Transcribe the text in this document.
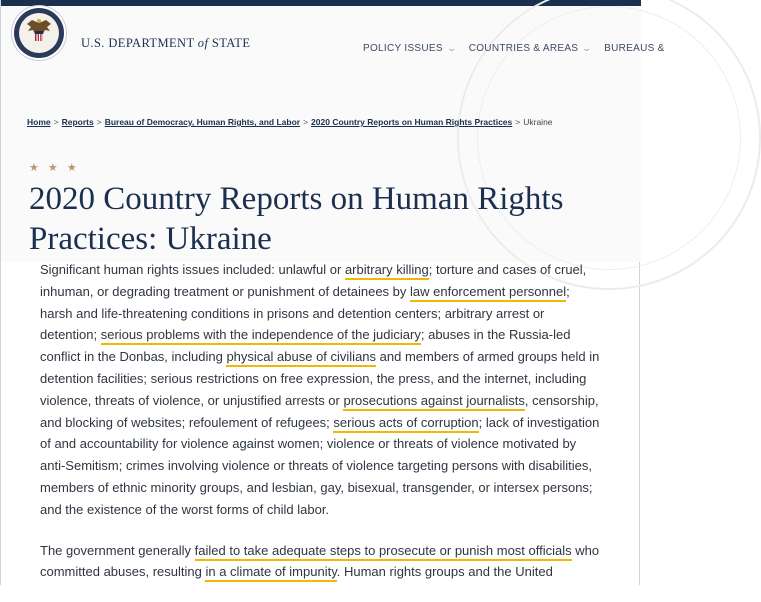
U.S. DEPARTMENT of STATE	POLICY ISSUES ⌄ COUNTRIES & AREAS ⌄ BUREAUS &
Home > Reports > Bureau of Democracy, Human Rights, and Labor > 2020 Country Reports on Human Rights Practices > Ukraine
★ ★ ★
2020 Country Reports on Human Rights Practices: Ukraine

Significant human rights issues included: unlawful or arbitrary killing; torture and cases of cruel, inhuman, or degrading treatment or punishment of detainees by law enforcement personnel; harsh and life-threatening conditions in prisons and detention centers; arbitrary arrest or detention; serious problems with the independence of the judiciary; abuses in the Russia-led conflict in the Donbas, including physical abuse of civilians and members of armed groups held in detention facilities; serious restrictions on free expression, the press, and the internet, including violence, threats of violence, or unjustified arrests or prosecutions against journalists, censorship, and blocking of websites; refoulement of refugees; serious acts of corruption; lack of investigation of and accountability for violence against women; violence or threats of violence motivated by anti-Semitism; crimes involving violence or threats of violence targeting persons with disabilities, members of ethnic minority groups, and lesbian, gay, bisexual, transgender, or intersex persons; and the existence of the worst forms of child labor.

The government generally failed to take adequate steps to prosecute or punish most officials who committed abuses, resulting in a climate of impunity. Human rights groups and the United
